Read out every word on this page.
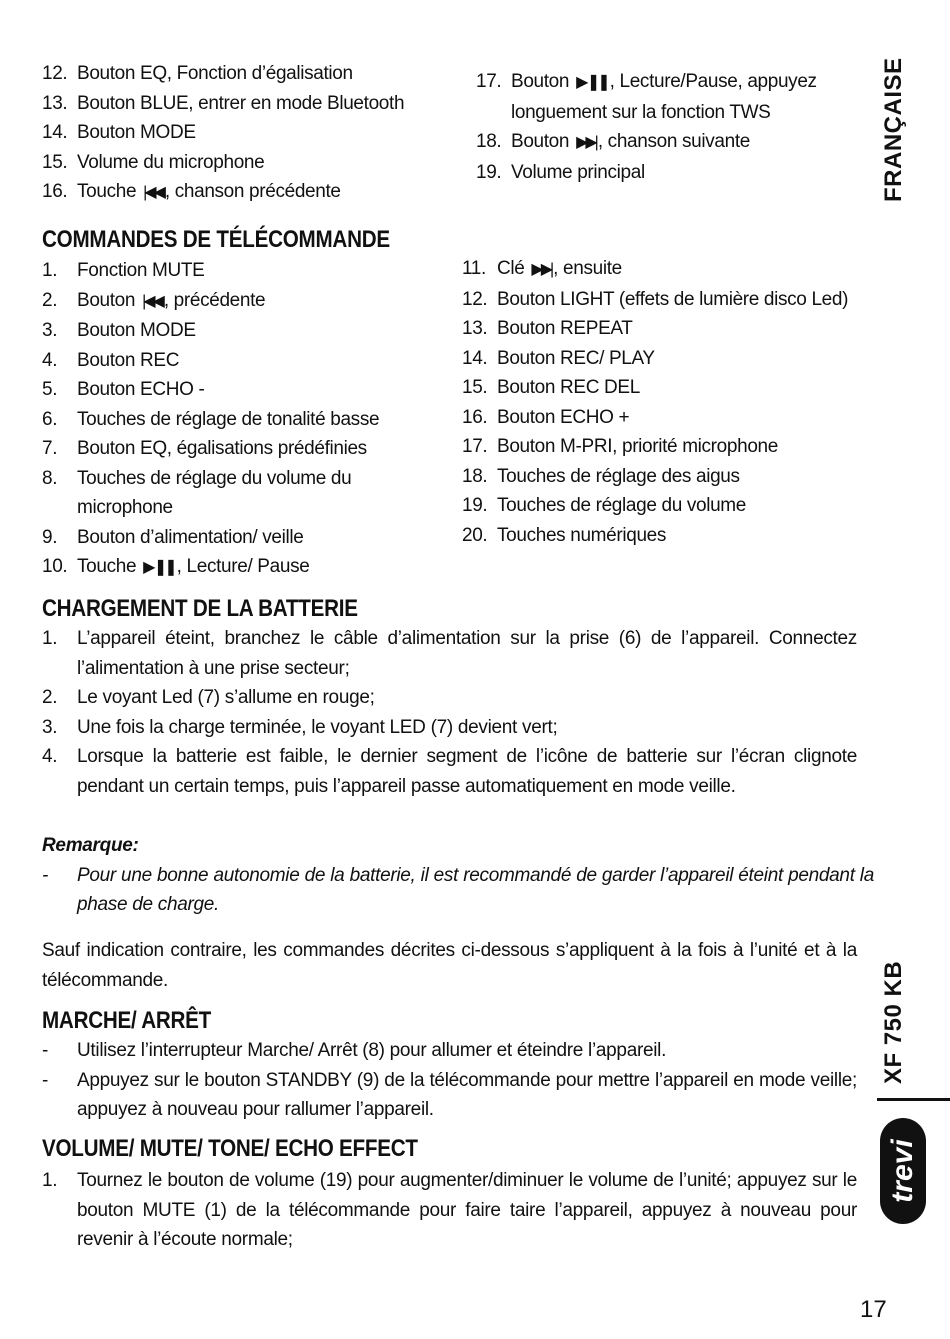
12. Bouton EQ, Fonction d’égalisation
13. Bouton BLUE, entrer en mode Bluetooth
14. Bouton MODE
15. Volume du microphone
16. Touche |◀◀ , chanson précédente
17. Bouton ▶ ❚❚ , Lecture/Pause, appuyez
longuement sur la fonction TWS
18. Bouton ▶▶| , chanson suivante
19. Volume principal
COMMANDES DE TÉLÉCOMMANDE
1.	Fonction MUTE
2.	Bouton |◀◀ , précédente
3.	Bouton MODE
4.	Bouton REC
5.	Bouton ECHO -
6.	Touches de réglage de tonalité basse
7.	Bouton EQ, égalisations prédéfinies
8.	Touches de réglage du volume du
microphone
9.	Bouton d’alimentation/ veille
10. Touche ▶ ❚❚ , Lecture/ Pause
11. Clé ▶▶| , ensuite
12. Bouton LIGHT (effets de lumière disco Led)
13. Bouton REPEAT
14. Bouton REC/ PLAY
15. Bouton REC DEL
16. Bouton ECHO +
17. Bouton M-PRI, priorité microphone
18. Touches de réglage des aigus
19. Touches de réglage du volume
20. Touches numériques
CHARGEMENT DE LA BATTERIE
1.	L’appareil éteint, branchez le câble d’alimentation sur la prise (6) de l’appareil. Connectez l’alimentation à une prise secteur;
2.	Le voyant Led (7) s’allume en rouge;
3.	Une fois la charge terminée, le voyant LED (7) devient vert;
4.	Lorsque la batterie est faible, le dernier segment de l’icône de batterie sur l’écran clignote pendant un certain temps, puis l’appareil passe automatiquement en mode veille.
Remarque:
-	Pour une bonne autonomie de la batterie, il est recommandé de garder l’appareil éteint pendant la phase de charge.
Sauf indication contraire, les commandes décrites ci-dessous s’appliquent à la fois à l’unité et à la télécommande.
MARCHE/ ARRÊT
-	Utilisez l’interrupteur Marche/ Arrêt (8) pour allumer et éteindre l’appareil.
-	Appuyez sur le bouton STANDBY (9) de la télécommande pour mettre l’appareil en mode veille; appuyez à nouveau pour rallumer l’appareil.
VOLUME/ MUTE/ TONE/ ECHO EFFECT
1.	Tournez le bouton de volume (19) pour augmenter/diminuer le volume de l’unité; appuyez sur le bouton MUTE (1) de la télécommande pour faire taire l’appareil, appuyez à nouveau pour revenir à l’écoute normale;
FRANÇAISE
XF 750 KB
trevi
17
